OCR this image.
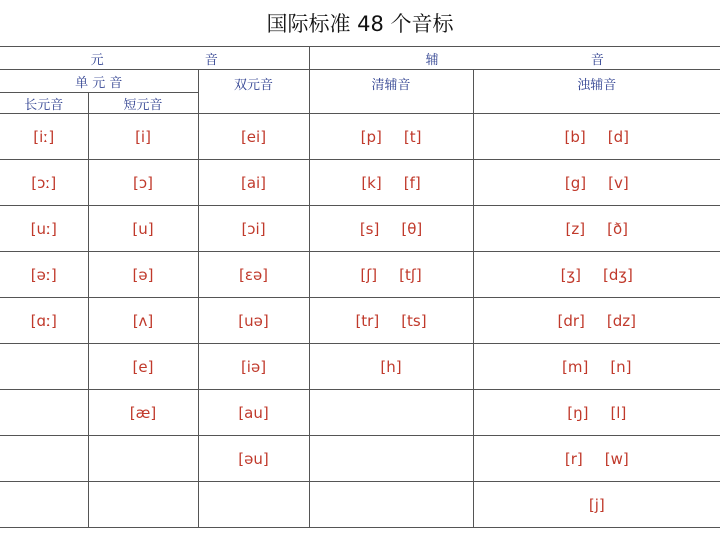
国际标准 48 个音标
元 音			辅 音	

单 元 音		双元音	清辅音	浊辅音
长元音	短元音			
[iː]	[i]	[ei]	[p] [t]	[b] [d]

[ɔː]	[ɔ]	[ai]	[k] [f]	[g] [v]

[uː]	[u]	[ɔi]	[s] [θ]	[z] [ð]

[əː]	[ə]	[ɛə]	[ʃ] [tʃ]	[ʒ] [dʒ]

[ɑː]	[ʌ]	[uə]	[tr] [ts]	[dr] [dz]

	[e]	[iə]	[h]	[m] [n]

	[æ]	[au]		[ŋ] [l]

		[əu]		[r] [w]

				[j]
